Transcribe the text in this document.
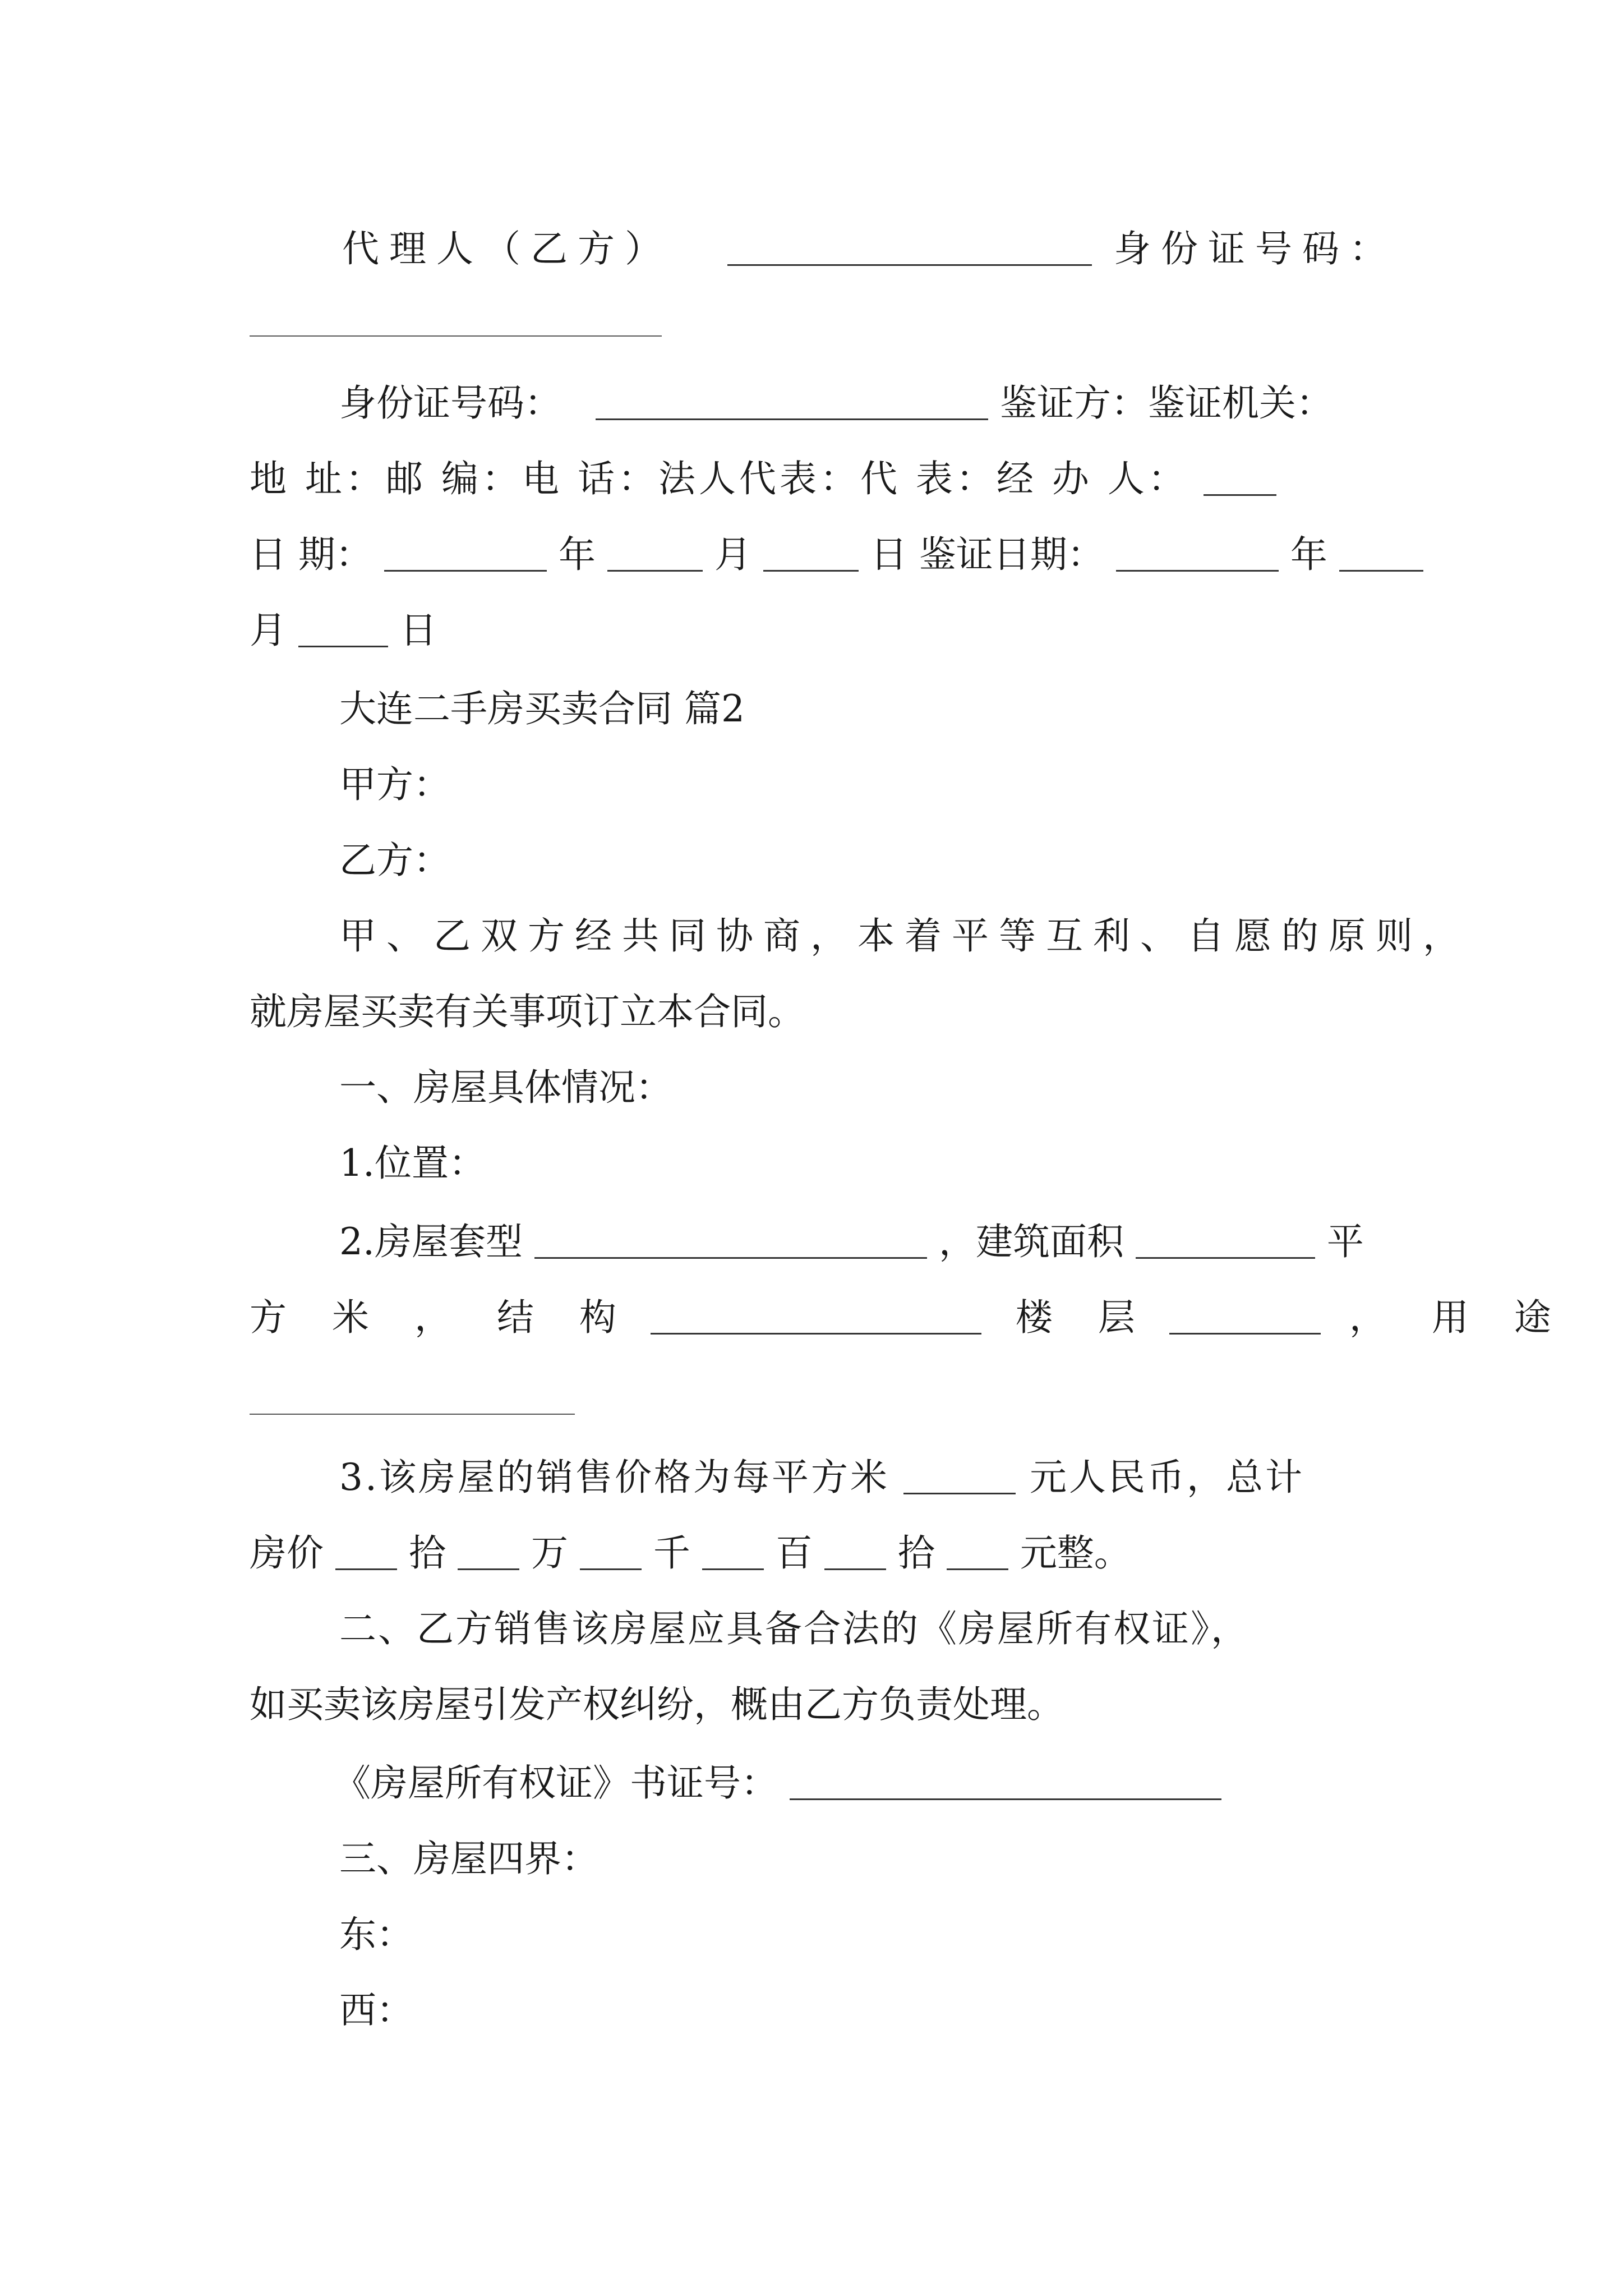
代理人（乙方）	身份证号码：
身份证号码：	鉴证方：鉴证机关：
地 址：邮 编：电 话：法人代表：代 表：经 办 人：
日 期：	年	月	日 鉴证日期：	年
月	日
大连二手房买卖合同 篇2
甲方：
乙方：
甲、乙双方经共同协商，本着平等互利、自愿的原则，
就房屋买卖有关事项订立本合同。
一、房屋具体情况：
1.位置：
2.房屋套型	，建筑面积	平
方 米 ， 结 构	楼 层	， 用 途
3.该房屋的销售价格为每平方米	元人民币，总计
房价 拾 万 千 百 拾 元整。
二、乙方销售该房屋应具备合法的《房屋所有权证》，
如买卖该房屋引发产权纠纷，概由乙方负责处理。
《房屋所有权证》书证号：
三、房屋四界：
东：
西：
